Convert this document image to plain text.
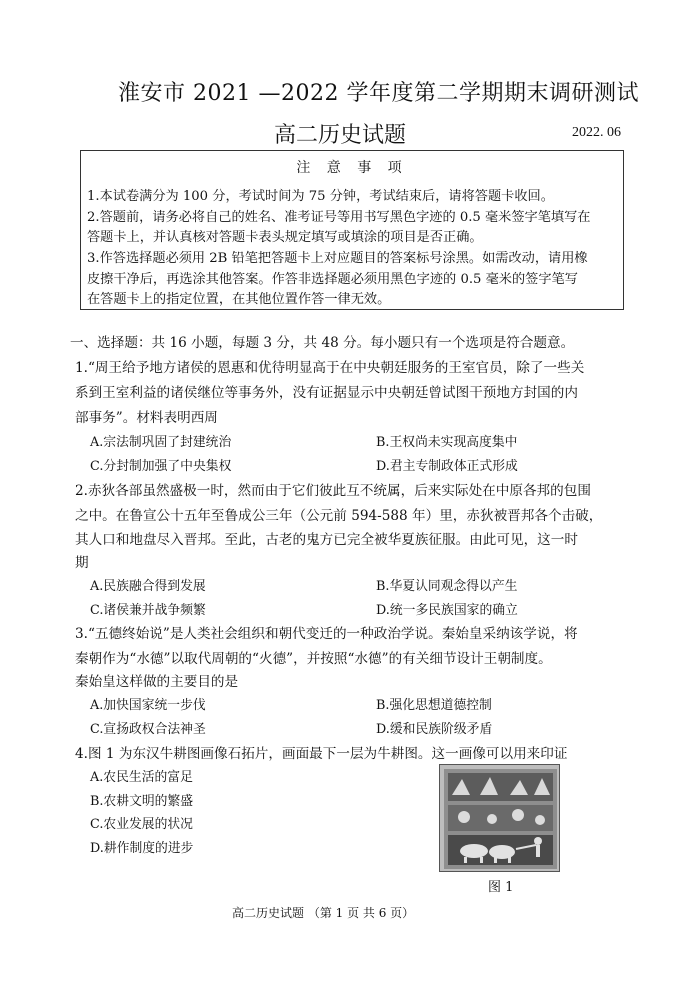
淮安市 2021 —2022 学年度第二学期期末调研测试
高二历史试题	2022. 06
注 意 事 项
1.本试卷满分为 100 分，考试时间为 75 分钟，考试结束后，请将答题卡收回。
2.答题前，请务必将自己的姓名、准考证号等用书写黑色字迹的 0.5 毫米签字笔填写在
答题卡上，并认真核对答题卡表头规定填写或填涂的项目是否正确。
3.作答选择题必须用 2B 铅笔把答题卡上对应题目的答案标号涂黑。如需改动，请用橡
皮擦干净后，再选涂其他答案。作答非选择题必须用黑色字迹的 0.5 毫米的签字笔写
在答题卡上的指定位置，在其他位置作答一律无效。
一、选择题：共 16 小题，每题 3 分，共 48 分。每小题只有一个选项是符合题意。
1.“周王给予地方诸侯的恩惠和优待明显高于在中央朝廷服务的王室官员，除了一些关
系到王室利益的诸侯继位等事务外，没有证据显示中央朝廷曾试图干预地方封国的内
部事务”。材料表明西周
A.宗法制巩固了封建统治	B.王权尚未实现高度集中
C.分封制加强了中央集权	D.君主专制政体正式形成
2.赤狄各部虽然盛极一时，然而由于它们彼此互不统属，后来实际处在中原各邦的包围
之中。在鲁宣公十五年至鲁成公三年（公元前 594-588 年）里，赤狄被晋邦各个击破，
其人口和地盘尽入晋邦。至此，古老的鬼方已完全被华夏族征服。由此可见，这一时
期
A.民族融合得到发展	B.华夏认同观念得以产生
C.诸侯兼并战争频繁	D.统一多民族国家的确立
3.“五德终始说”是人类社会组织和朝代变迁的一种政治学说。秦始皇采纳该学说，将
秦朝作为“水德”以取代周朝的“火德”，并按照“水德”的有关细节设计王朝制度。
秦始皇这样做的主要目的是
A.加快国家统一步伐	B.强化思想道德控制
C.宣扬政权合法神圣	D.缓和民族阶级矛盾
4.图 1 为东汉牛耕图画像石拓片，画面最下一层为牛耕图。这一画像可以用来印证
A.农民生活的富足
B.农耕文明的繁盛
C.农业发展的状况
D.耕作制度的进步
图 1
高二历史试题 （第 1 页 共 6 页）
